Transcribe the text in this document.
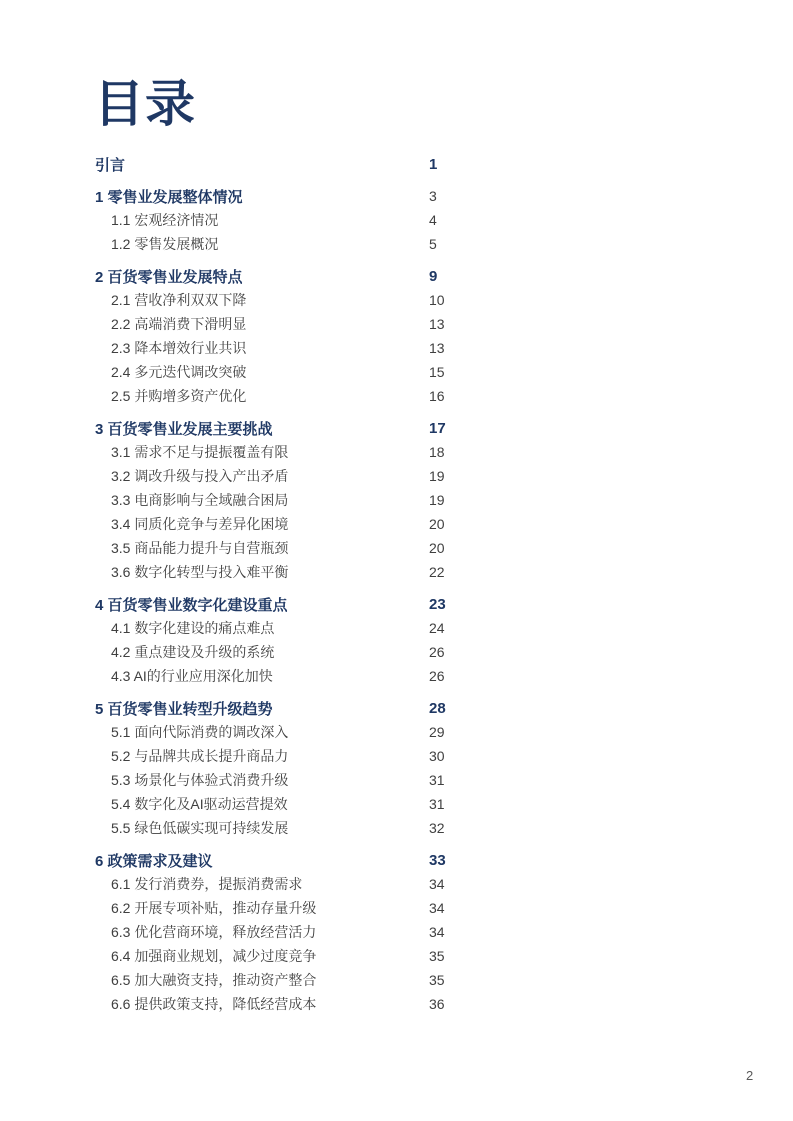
目录
引言	1
1 零售业发展整体情况	3
1.1 宏观经济情况	4
1.2 零售发展概况	5
2 百货零售业发展特点	9
2.1 营收净利双双下降	10
2.2 高端消费下滑明显	13
2.3 降本增效行业共识	13
2.4 多元迭代调改突破	15
2.5 并购增多资产优化	16
3 百货零售业发展主要挑战	17
3.1 需求不足与提振覆盖有限	18
3.2 调改升级与投入产出矛盾	19
3.3 电商影响与全域融合困局	19
3.4 同质化竞争与差异化困境	20
3.5 商品能力提升与自营瓶颈	20
3.6 数字化转型与投入难平衡	22
4 百货零售业数字化建设重点	23
4.1 数字化建设的痛点难点	24
4.2 重点建设及升级的系统	26
4.3 AI的行业应用深化加快	26
5 百货零售业转型升级趋势	28
5.1 面向代际消费的调改深入	29
5.2 与品牌共成长提升商品力	30
5.3 场景化与体验式消费升级	31
5.4 数字化及AI驱动运营提效	31
5.5 绿色低碳实现可持续发展	32
6 政策需求及建议	33
6.1 发行消费券，提振消费需求	34
6.2 开展专项补贴，推动存量升级	34
6.3 优化营商环境，释放经营活力	34
6.4 加强商业规划，减少过度竞争	35
6.5 加大融资支持，推动资产整合	35
6.6 提供政策支持，降低经营成本	36
2
